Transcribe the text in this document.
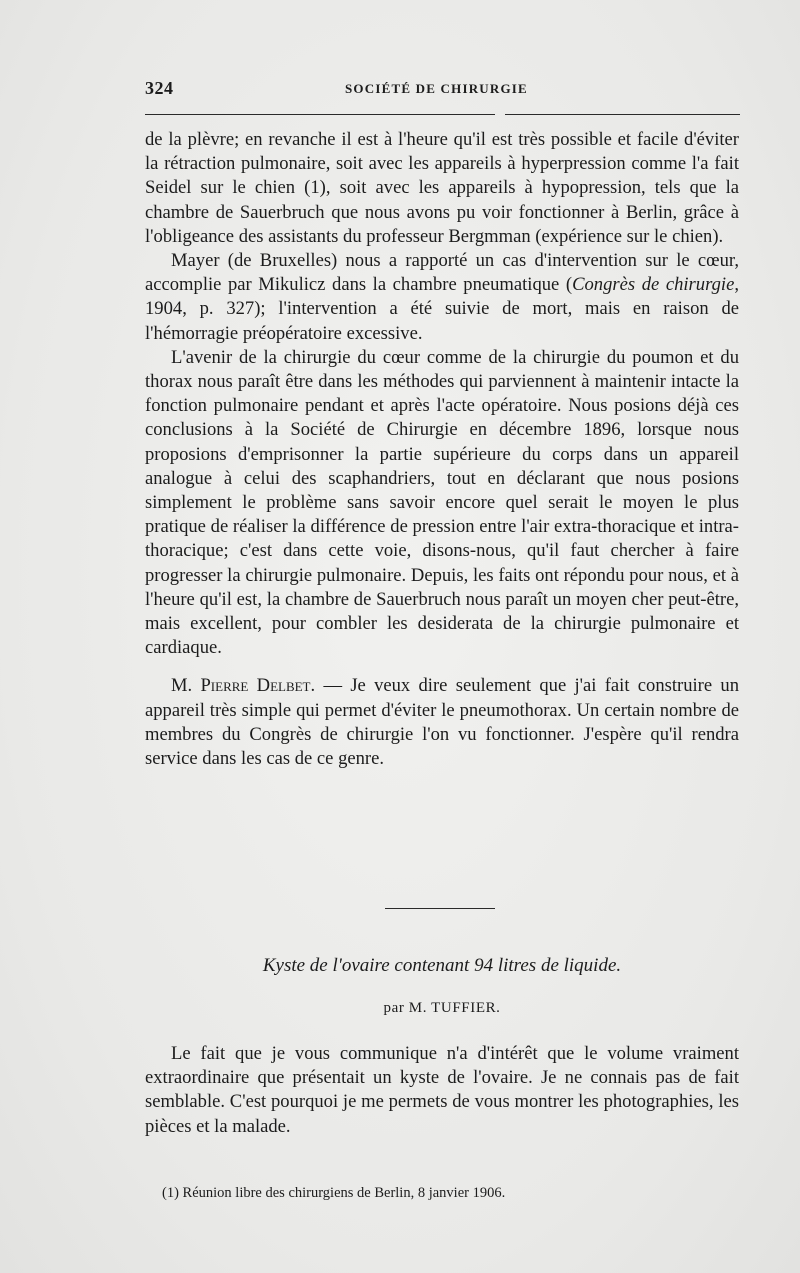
324	SOCIÉTÉ DE CHIRURGIE

de la plèvre; en revanche il est à l'heure qu'il est très possible et facile d'éviter la rétraction pulmonaire, soit avec les appareils à hyperpression comme l'a fait Seidel sur le chien (1), soit avec les appareils à hypopression, tels que la chambre de Sauerbruch que nous avons pu voir fonctionner à Berlin, grâce à l'obligeance des assistants du professeur Bergmman (expérience sur le chien).

Mayer (de Bruxelles) nous a rapporté un cas d'intervention sur le cœur, accomplie par Mikulicz dans la chambre pneumatique (Congrès de chirurgie, 1904, p. 327); l'intervention a été suivie de mort, mais en raison de l'hémorragie préopératoire excessive.

L'avenir de la chirurgie du cœur comme de la chirurgie du poumon et du thorax nous paraît être dans les méthodes qui parviennent à maintenir intacte la fonction pulmonaire pendant et après l'acte opératoire. Nous posions déjà ces conclusions à la Société de Chirurgie en décembre 1896, lorsque nous proposions d'emprisonner la partie supérieure du corps dans un appareil analogue à celui des scaphandriers, tout en déclarant que nous posions simplement le problème sans savoir encore quel serait le moyen le plus pratique de réaliser la différence de pression entre l'air extra-thoracique et intra-thoracique; c'est dans cette voie, disons-nous, qu'il faut chercher à faire progresser la chirurgie pulmonaire. Depuis, les faits ont répondu pour nous, et à l'heure qu'il est, la chambre de Sauerbruch nous paraît un moyen cher peut-être, mais excellent, pour combler les desiderata de la chirurgie pulmonaire et cardiaque.

M. Pierre Delbet. — Je veux dire seulement que j'ai fait construire un appareil très simple qui permet d'éviter le pneumothorax. Un certain nombre de membres du Congrès de chirurgie l'on vu fonctionner. J'espère qu'il rendra service dans les cas de ce genre.

Kyste de l'ovaire contenant 94 litres de liquide.
par M. TUFFIER.

Le fait que je vous communique n'a d'intérêt que le volume vraiment extraordinaire que présentait un kyste de l'ovaire. Je ne connais pas de fait semblable. C'est pourquoi je me permets de vous montrer les photographies, les pièces et la malade.

(1) Réunion libre des chirurgiens de Berlin, 8 janvier 1906.
